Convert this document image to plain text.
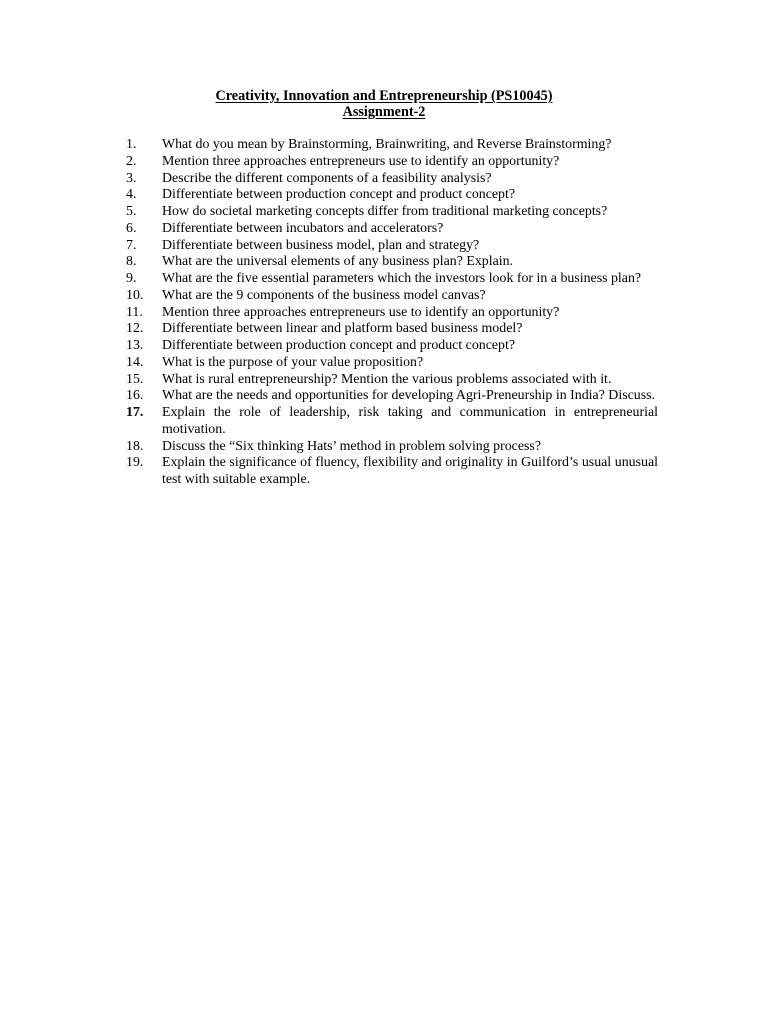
Creativity, Innovation and Entrepreneurship (PS10045)
Assignment-2
1.	What do you mean by Brainstorming, Brainwriting, and Reverse Brainstorming?
2.	Mention three approaches entrepreneurs use to identify an opportunity?
3.	Describe the different components of a feasibility analysis?
4.	Differentiate between production concept and product concept?
5.	How do societal marketing concepts differ from traditional marketing concepts?
6.	Differentiate between incubators and accelerators?
7.	Differentiate between business model, plan and strategy?
8.	What are the universal elements of any business plan? Explain.
9.	What are the five essential parameters which the investors look for in a business plan?
10.	What are the 9 components of the business model canvas?
11.	Mention three approaches entrepreneurs use to identify an opportunity?
12.	Differentiate between linear and platform based business model?
13.	Differentiate between production concept and product concept?
14.	What is the purpose of your value proposition?
15.	What is rural entrepreneurship? Mention the various problems associated with it.
16.	What are the needs and opportunities for developing Agri-Preneurship in India? Discuss.
17.	Explain the role of leadership, risk taking and communication in entrepreneurial motivation.
18.	Discuss the “Six thinking Hats’ method in problem solving process?
19.	Explain the significance of fluency, flexibility and originality in Guilford’s usual unusual test with suitable example.
